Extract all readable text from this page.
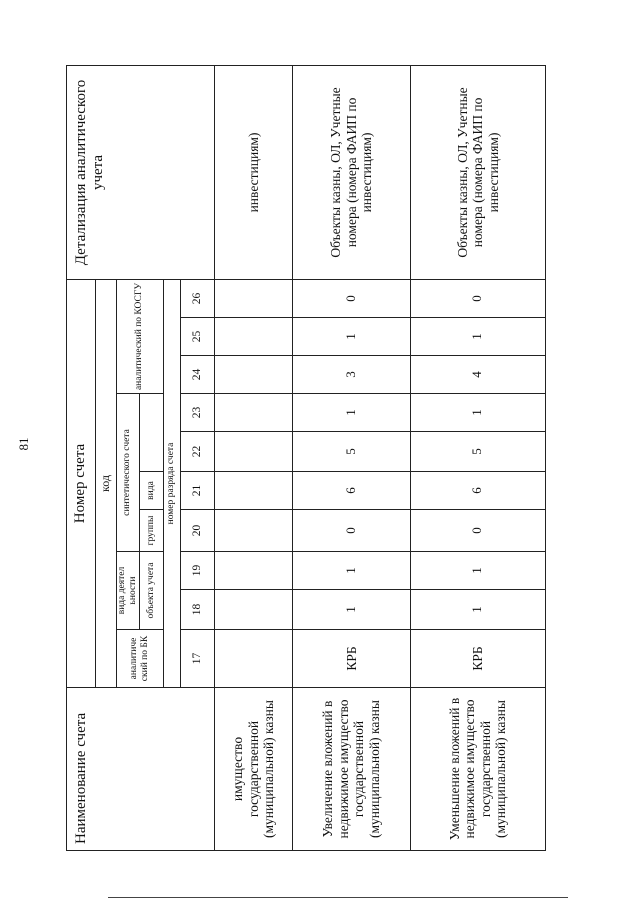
81
Наименование счета	Номер счета										Детализация аналитического учета
	код										
	аналитиче ский по БК	вида деятел ьности		синтетического счета				аналитический по КОСГУ			
		объекта учета		группы	вида						
	номер разряда счета										
	17	18	19	20	21	22	23	24	25	26	
имущество государственной (муниципальной) казны											инвестициям)
Увеличение вложений в недвижимое имущество государственной (муниципальной) казны	КРБ	1	1	0	6	5	1	3	1	0	Объекты казны, ОЛ, Учетные номера (номера ФАИП по инвестициям)
Уменьшение вложений в недвижимое имущество государственной (муниципальной) казны	КРБ	1	1	0	6	5	1	4	1	0	Объекты казны, ОЛ, Учетные номера (номера ФАИП по инвестициям)
